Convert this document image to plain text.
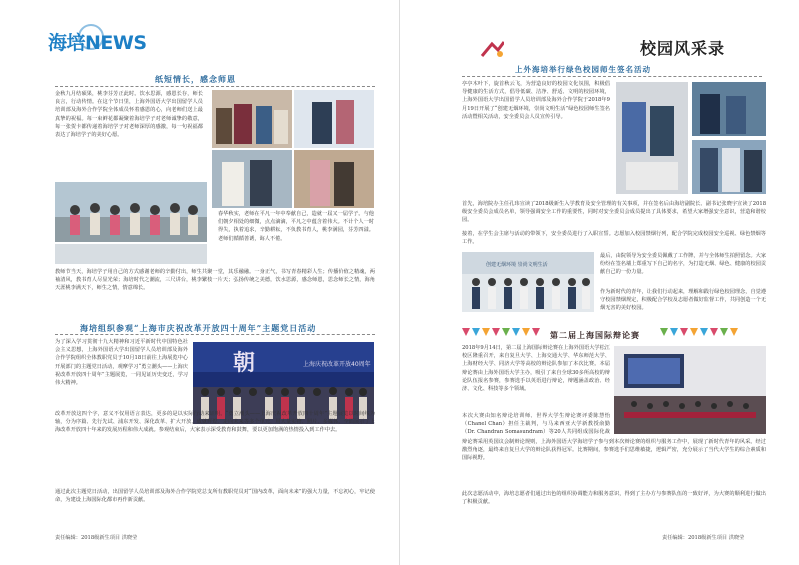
海培NEWS
纸短情长，感念师恩
金秋九月结硕果，桃李芬芳正此时。饮水思源，感恩长存，师长良言，行动传情。在这个节日里，上海外国语大学出国留学人员培训部及海外合作学院全体成员怀着感恩的心，向老师们送上最真挚的祝福。每一束鲜花都凝聚着海培学子对老师诚挚的敬意，每一张贺卡都传递着海培学子对老师深厚的感激，每一句祝福都表达了海培学子的美好心愿。
春华秋实，老师在平凡一年中奉献自己，造就一届又一届学子。与他们朝夕相处的细微，点点滴滴，平凡之中蕴含着伟大。不计个人一时得失，执着追求，辛勤耕耘，不负教书育人，桃李满园，芬芳四溢。老师们循循善诱，诲人不倦。
教师节当天，海培学子用自己的方式感谢老师的辛勤付出，师生共聚一堂，其乐融融。一身正气，书写青春精彩人生；传播价值之精魂，两袖清风，教书育人尽显光荣；海培时代之潮流，三尺讲台，桃李繁枝一片天；弘扬传统之美德，饮水思源，感念师恩，思念师长之情，海角天涯桃李满天下，师生之情，情意绵长。
海培组织参观“上海市庆祝改革开放四十周年”主题党日活动
为了深入学习贯彻十九大精神和习近平新时代中国特色社会主义思想，上海外国语大学出国留学人员培训部及海外合作学院组织全体教职党员于10月18日前往上海展览中心开展部门的主题党日活动，观摩学习“勇立潮头——上海庆祝改革开放四十周年”主题展览，一同见证历史变迁，学习伟大精神。
朝	上海庆祝改革开放40周年
改革开放这四个字，意义不仅用语言表达，更多的是以实际行动来证明。“勇立潮头——上海庆祝改革开放四十周年”主题展览以时间线为轴，分为序篇、先行先试、浦东开发、深化改革、扩大开放、成就辉煌、走向未来等多个单元，用大量实物、照片、多媒体，全面展示了上海改革开放四十年来的发展历程和伟大成就。参观结束后，大家表示深受教育和鼓舞，要以更加饱满的热情投入到工作中去。
通过此次主题党日活动，出国留学人员培训部及海外合作学院党总支所有教职党员对“国内改革，面向未来”的强大力量，不忘初心，牢记使命，为建设上海国际化都市再作新贡献。
责任编辑：2018级新生项目 洪晓莹
校园风采录
上外海培举行绿色校园师生签名活动
亭亭木叶下，旋首秋云飞，为营造良好的校园文化氛围，积极倡导健康的生活方式，倡导低碳、洁净、舒适、文明的校园环境，上海外国语大学出国留学人员培训部及海外合作学院于2018年9月19日开展了“创建无烟环境，崇尚文明生活”绿色校园师生签名活动暨相关活动，安全委员会人员宣传引导。
首先，海培院办主任孔玮宣读了2018级新生入学教育及安全管理的有关事项，并在签名后由海培副院长、副书记张晓宇宣读了2018级安全委员会成员名单，领导强调安全工作的重要性，同时对安全委员会成员提出了具体要求，希望大家增强安全意识，营造和谐校园。
接着，在学生会主席与活动的带领下，安全委员进行了入职宣誓。志愿加入校园禁烟行列，配合学院完成校园安全巡视、绿色禁烟等工作。
创建无烟环境 崇尚文明生活
最后，由院领导为安全委员佩戴了工作牌，并与全体师生拍照留念。大家纷纷在签名墙上郑重写下自己的名字，为打造无烟、绿色、健康的校园贡献自己的一份力量。
作为新时代的青年，让我们行动起来，理解和践行绿色校园理念，自觉遵守校园禁烟规定，积极配合学校及志愿者做好监督工作，共同创造一个无烟无害的美好校园。
第二届上海国际辩论赛
2018年9月14日，第二届上海国际辩论赛在上海外国语大学松江校区隆重召开，来自复旦大学、上海交通大学、华东师范大学、上海财经大学、同济大学等高校的辩论队参加了本次比赛。本届辩论赛由上海外国语大学主办，吸引了来自全球30多所高校的辩论队伍报名参赛，参赛选手以英语进行辩论，辩题涵盖政治、经济、文化、科技等多个领域。
本次大赛由知名辩论培训师、世界大学生辩论赛评委陈慧怡（Chanel Chan）担任主裁判，与马来西亚大学新教授俞勤（Dr. Chandran Somasundram）等20人共同组成国际化裁
辩论赛采用英国议会制辩论规则，上海外国语大学海培学子参与到本次辩论赛的组织与服务工作中，展现了新时代青年的风采。经过激烈角逐，最终来自复旦大学的辩论队获得冠军。比赛期间，参赛选手们思维敏捷，逻辑严密，充分展示了当代大学生的综合素质和国际视野。
此次志愿活动中，海培志愿者们通过出色的组织协调能力和服务意识，得到了主办方与参赛队伍的一致好评，为大赛的顺利进行做出了积极贡献。
责任编辑：2018级新生项目 洪晓莹
